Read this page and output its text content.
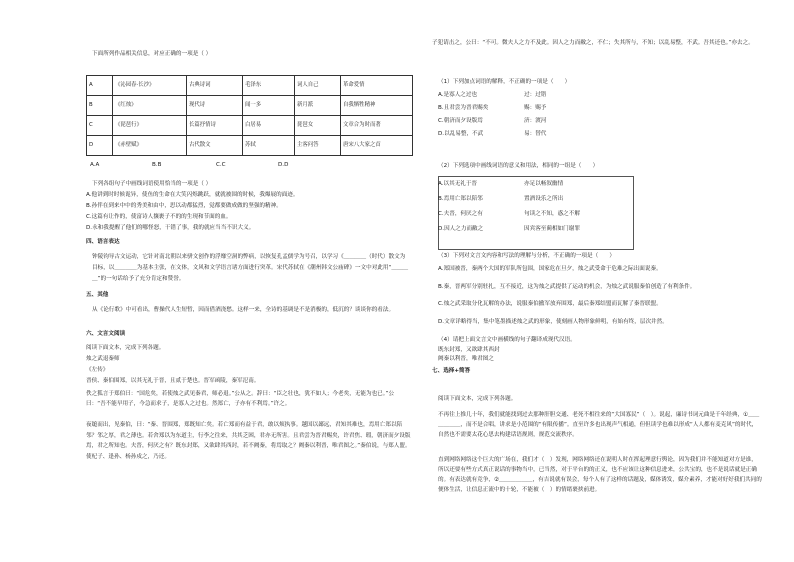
下面所列作品相关信息，对应正确的一项是（ ）
A	《沁园春·长沙》	古典诗词	毛泽东	词人自己	革命爱情
B	《红烛》	现代诗	闻一多	新月派	自我牺牲精神
C	《琵琶行》	长篇抒情诗	白居易	琵琶女	文章合为时而著
D	《赤壁赋》	古代散文	苏轼	主客问答	唐宋八大家之首
A.A	B.B	C.C	D.D
下列各组句子中画线词语使用恰当的一项是（ ）
A.他讲到时时候诡异，使鱼的生命在大笑闪烁跳跃，就就被围的时候，我爆展的面迹。
B.孙伴在到来中中的秀美和由中，思以动都猛烈，觉都要做成做的坚强的精神。
C.这篇有让作的，使富诗人攘裹子不的的生现和节面的血。
D.永和我提醒了他们的哪怪怒，干错了事，我的就应当当不识大义。
四、语言表达
钟陵钧导古文运动，它针对南北朝以来骈文创作的浮靡空洞的弊病，以恢复孔孟儒学为号召，以学习《＿＿＿＿（时代）散文为目标，以＿＿＿＿为基本主张，在文体，文风和文学语言诸方面进行突革。宋代苏轼在《潮州韩文公庙碑》一文中对此用“＿＿＿＿”的一句话给予了充分肯定和赞誉。
五、其他
从《论行歌》中可看出，曹操代人生短暂，因而借酒浇愁。这样一来，全诗的基调是不是消极的，低沉的？谈谈你的看法。
六、文言文阅读
阅读下面文本，完成下列各题。
烛之武退秦师
《左传》
晋侯、秦伯围郑，以其无礼于晋，且贰于楚也。晋军函陵，秦军氾南。
佚之狐言于郑伯曰：“国危矣，若使烛之武见秦君，师必退。”公从之。辞曰：“臣之壮也，犹不如人；今老矣，无能为也已。”公曰：“吾不能早用子，今急而求子，是寡人之过也。然郑亡，子亦有不利焉。”许之。
夜缒而出，见秦伯，曰：“秦、晋围郑，郑既知亡矣。若亡郑而有益于君，敢以烦执事。越国以鄙远，君知其难也，焉用亡郑以陪邻？邻之厚，君之薄也。若舍郑以为东道主，行李之往来，共其乏困，君亦无所害。且君尝为晋君赐矣，许君焦、瑕，朝济而夕设版焉，君之所知也。夫晋，何厌之有？既东封郑，又欲肆其西封，若不阙秦，将焉取之？阙秦以利晋，唯君图之。”秦伯说，与郑人盟。使杞子、逢孙、杨孙戍之，乃还。
子犯请击之，公曰：“不可。微夫人之力不及此。因人之力而敝之，不仁；失其所与，不知；以乱易整，不武。吾其还也。”亦去之。
（1）下列加点词语的解释，不正确的一项是（　　）
A.是寡人之过也	过：过错
B.且君尝为晋君赐矣	赐：赐予
C.朝济而夕设版焉	济：渡河
D.以乱易整，不武	易：替代
（2）下列选项中画线词语的意义和用法，相同的一组是（　　）
A.以其无礼于晋	亦足以畅叙幽情
B.焉用亡郑以陪邻	置酒设乐之所出
C.夫晋，何厌之有	句读之不知，惑之不解
D.因人之力而敝之	因宾客至蔺相如门谢罪
（3）下列对文言文内容和写法的理解与分析，不正确的一项是（　　）
A.郑国被晋，秦两个大国的军队所包围，国家危在旦夕，烛之武受命于危难之际出面说秦。
B.秦，晋两军分别驻扎，互不接近，这为烛之武提供了运动的机会，为烛之武说服秦伯创造了有利条件。
C.烛之武采取分化瓦解的办法，说服秦伯撤军放弃围郑，最后秦郑结盟而瓦解了秦晋联盟。
D.文章详略得当，集中笔墨描述烛之武的形象，使刻画人物形象鲜明，有始有终，层次井然。
（4）请把上面文言文中画横线的句子翻译成现代汉语。
既东封郑，又欲肆其西封
阙秦以利晋，唯君图之
七、选择+简答
阅读下面文本，完成下列各题。
不再往上推几十年，我们就能找到过去那种肝胆交通、老死不相往来的“大国寡民”（　）。说起，廉诗书词元曲是千年经典，①＿＿＿＿＿＿，而不是合唱，讲求是小范围的“有限传播”。直至许多也出现声气相通，但但读学也难以形成“人人都有麦克风”的时代，自然也不需要太花心思去构建话语规则，规范交流秩序。
直到网络网络这个巨大的广场在，我们才（　）发现，网络网络还在说明人时在挥起理意行舆论，因为我们并不能知道对方是谁，所以还要有些方式真正说话的事物当中，已当然，对于平台的的正义，也不应该让这种信息进来，公共宝的，也不是说话就是正确的。有表达就有竞争，②＿＿＿＿＿＿，有吉说就有误会，每个人有了这样的话题及，媒体诱发，媒介素养，才能对好好我们共同的便体生活，让信息正流中的十轮，不能被（　）的情绪裹挟前进。
